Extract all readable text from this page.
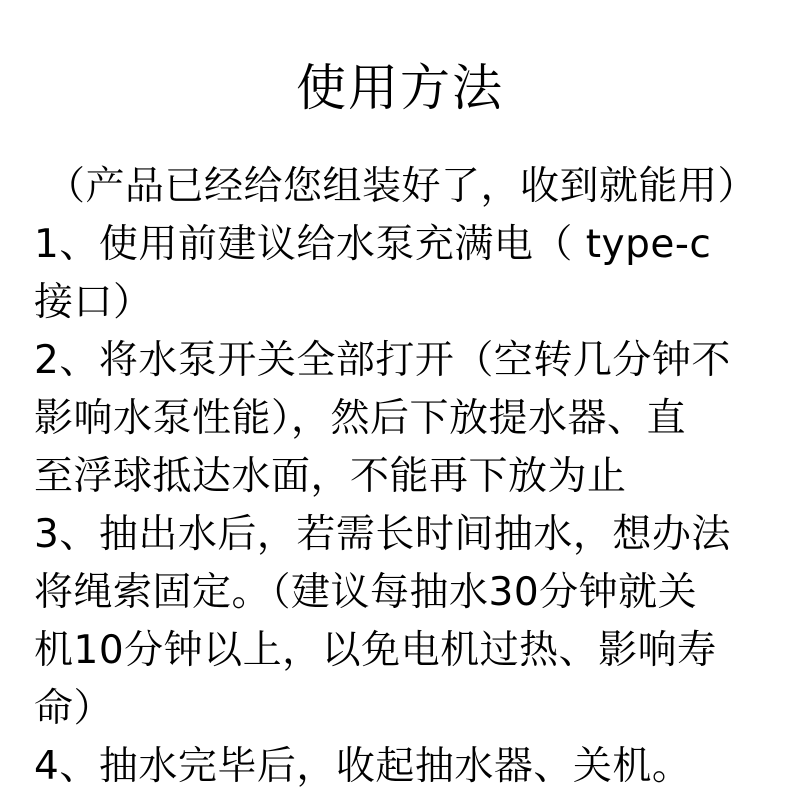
使用方法
（产品已经给您组装好了，收到就能用）
1、使用前建议给水泵充满电（ type-c
接口）
2、将水泵开关全部打开（空转几分钟不
影响水泵性能），然后下放提水器、直
至浮球抵达水面，不能再下放为止
3、抽出水后，若需长时间抽水，想办法
将绳索固定。（建议每抽水30分钟就关
机10分钟以上，以免电机过热、影响寿
命）
4、抽水完毕后，收起抽水器、关机。
